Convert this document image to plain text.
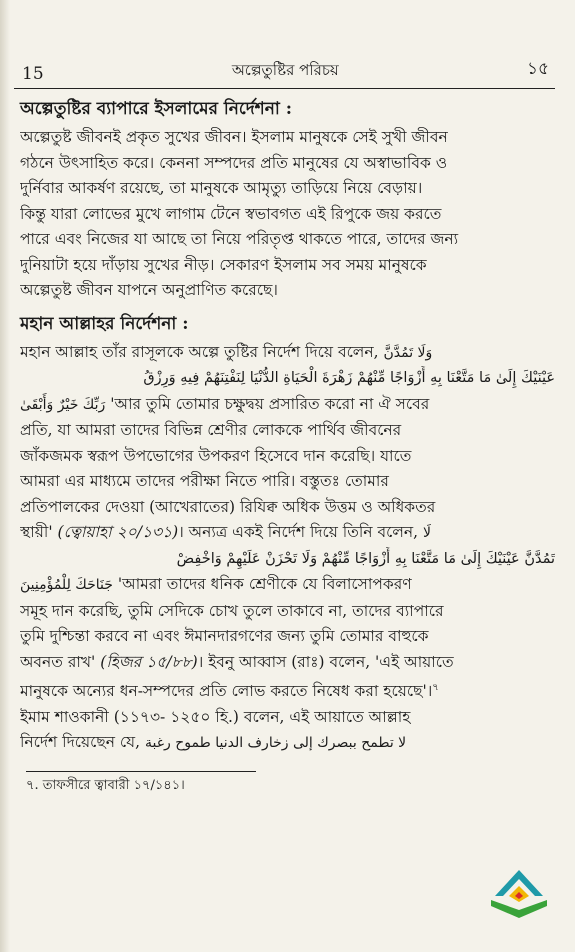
15	অল্পেতুষ্টির পরিচয়	১৫
অল্পেতুষ্টির ব্যাপারে ইসলামের নির্দেশনা :
অল্পেতুষ্ট জীবনই প্রকৃত সুখের জীবন। ইসলাম মানুষকে সেই সুখী জীবন
গঠনে উৎসাহিত করে। কেননা সম্পদের প্রতি মানুষের যে অস্বাভাবিক ও
দুর্নিবার আকর্ষণ রয়েছে, তা মানুষকে আমৃত্যু তাড়িয়ে নিয়ে বেড়ায়।
কিন্তু যারা লোভের মুখে লাগাম টেনে স্বভাবগত এই রিপুকে জয় করতে
পারে এবং নিজের যা আছে তা নিয়ে পরিতৃপ্ত থাকতে পারে, তাদের জন্য
দুনিয়াটা হয়ে দাঁড়ায় সুখের নীড়। সেকারণ ইসলাম সব সময় মানুষকে
অল্পেতুষ্ট জীবন যাপনে অনুপ্রাণিত করেছে।
মহান আল্লাহর নির্দেশনা :
মহান আল্লাহ তাঁর রাসূলকে অল্পে তুষ্টির নির্দেশ দিয়ে বলেন, وَلَا تَمُدَّنَّ
عَيْنَيْكَ إِلَىٰ مَا مَتَّعْنَا بِهِ أَزْوَاجًا مِّنْهُمْ زَهْرَةَ الْحَيَاةِ الدُّنْيَا لِنَفْتِنَهُمْ فِيهِ وَرِزْقُ
رَبِّكَ خَيْرٌ وَأَبْقَىٰ 'আর তুমি তোমার চক্ষুদ্বয় প্রসারিত করো না ঐ সবের
প্রতি, যা আমরা তাদের বিভিন্ন শ্রেণীর লোককে পার্থিব জীবনের
জাঁকজমক স্বরূপ উপভোগের উপকরণ হিসেবে দান করেছি। যাতে
আমরা এর মাধ্যমে তাদের পরীক্ষা নিতে পারি। বস্তুতঃ তোমার
প্রতিপালকের দেওয়া (আখেরাতের) রিযিক্ব অধিক উত্তম ও অধিকতর
স্থায়ী' (ত্বোয়াহা ২০/১৩১)। অন্যত্র একই নির্দেশ দিয়ে তিনি বলেন, لَا
تَمُدَّنَّ عَيْنَيْكَ إِلَىٰ مَا مَتَّعْنَا بِهِ أَزْوَاجًا مِّنْهُمْ وَلَا تَحْزَنْ عَلَيْهِمْ وَاخْفِضْ
جَنَاحَكَ لِلْمُؤْمِنِينَ 'আমরা তাদের ধনিক শ্রেণীকে যে বিলাসোপকরণ
সমূহ দান করেছি, তুমি সেদিকে চোখ তুলে তাকাবে না, তাদের ব্যাপারে
তুমি দুশ্চিন্তা করবে না এবং ঈমানদারগণের জন্য তুমি তোমার বাহুকে
অবনত রাখ' (হিজর ১৫/৮৮)। ইবনু আব্বাস (রাঃ) বলেন, 'এই আয়াতে
মানুষকে অন্যের ধন-সম্পদের প্রতি লোভ করতে নিষেধ করা হয়েছে'।$^৭$
ইমাম শাওকানী (১১৭৩- ১২৫০ হি.) বলেন, এই আয়াতে আল্লাহ
নির্দেশ দিয়েছেন যে, لا تطمح ببصرك إلى زخارف الدنيا طموح رغبة
৭. তাফসীরে ত্বাবারী ১৭/১৪১।
